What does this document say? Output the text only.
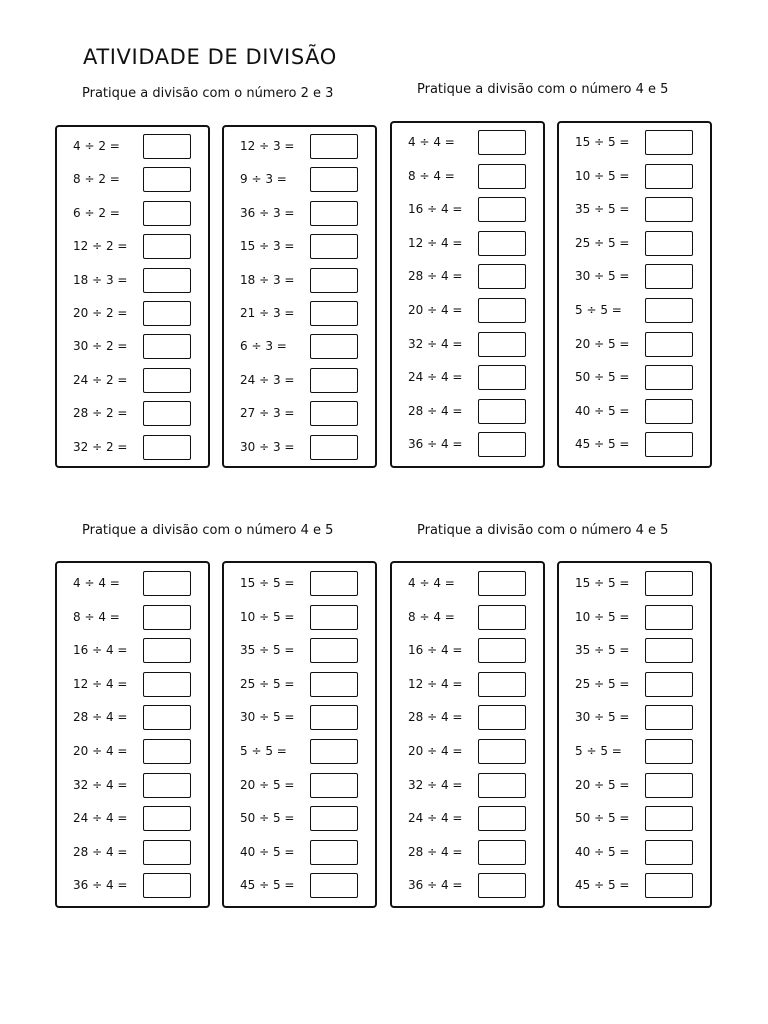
ATIVIDADE DE DIVISÃO

Pratique a divisão com o número 2 e 3	Pratique a divisão com o número 4 e 5

Pratique a divisão com o número 4 e 5	Pratique a divisão com o número 4 e 5

4 ÷ 2 =
8 ÷ 2 =
6 ÷ 2 =
12 ÷ 2 =
18 ÷ 3 =
20 ÷ 2 =
30 ÷ 2 =
24 ÷ 2 =
28 ÷ 2 =
32 ÷ 2 =
12 ÷ 3 =
9 ÷ 3 =
36 ÷ 3 =
15 ÷ 3 =
18 ÷ 3 =
21 ÷ 3 =
6 ÷ 3 =
24 ÷ 3 =
27 ÷ 3 =
30 ÷ 3 =
4 ÷ 4 =
8 ÷ 4 =
16 ÷ 4 =
12 ÷ 4 =
28 ÷ 4 =
20 ÷ 4 =
32 ÷ 4 =
24 ÷ 4 =
28 ÷ 4 =
36 ÷ 4 =
15 ÷ 5 =
10 ÷ 5 =
35 ÷ 5 =
25 ÷ 5 =
30 ÷ 5 =
5 ÷ 5 =
20 ÷ 5 =
50 ÷ 5 =
40 ÷ 5 =
45 ÷ 5 =
4 ÷ 4 =
8 ÷ 4 =
16 ÷ 4 =
12 ÷ 4 =
28 ÷ 4 =
20 ÷ 4 =
32 ÷ 4 =
24 ÷ 4 =
28 ÷ 4 =
36 ÷ 4 =
15 ÷ 5 =
10 ÷ 5 =
35 ÷ 5 =
25 ÷ 5 =
30 ÷ 5 =
5 ÷ 5 =
20 ÷ 5 =
50 ÷ 5 =
40 ÷ 5 =
45 ÷ 5 =
4 ÷ 4 =
8 ÷ 4 =
16 ÷ 4 =
12 ÷ 4 =
28 ÷ 4 =
20 ÷ 4 =
32 ÷ 4 =
24 ÷ 4 =
28 ÷ 4 =
36 ÷ 4 =
15 ÷ 5 =
10 ÷ 5 =
35 ÷ 5 =
25 ÷ 5 =
30 ÷ 5 =
5 ÷ 5 =
20 ÷ 5 =
50 ÷ 5 =
40 ÷ 5 =
45 ÷ 5 =
